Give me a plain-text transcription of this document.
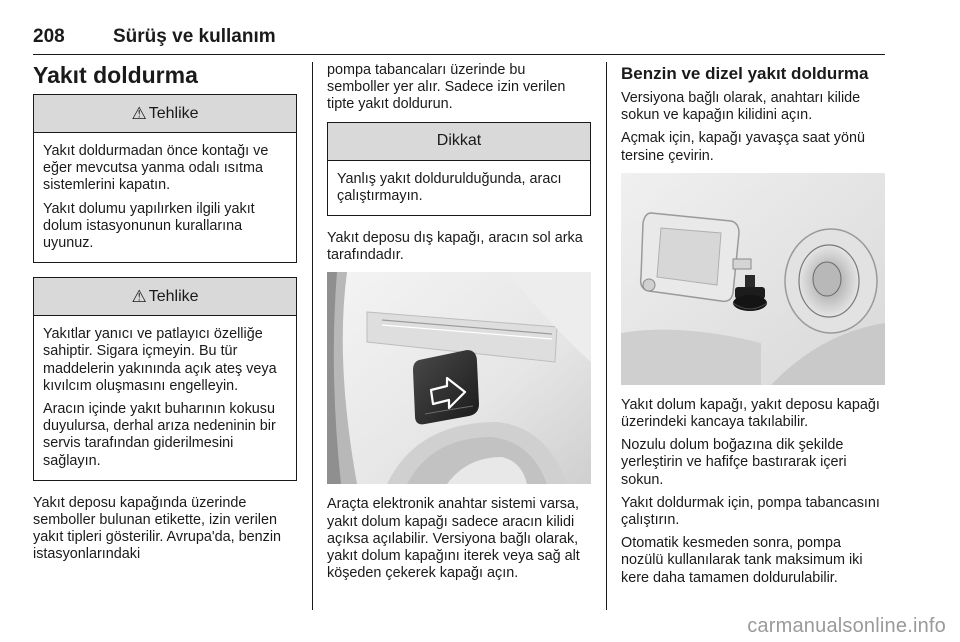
208	Sürüş ve kullanım
Yakıt doldurma
⚠ Tehlike

Yakıt doldurmadan önce kontağı ve eğer mevcutsa yanma odalı ısıtma sistemlerini kapatın.

Yakıt dolumu yapılırken ilgili yakıt dolum istasyonunun kurallarına uyunuz.

⚠ Tehlike

Yakıtlar yanıcı ve patlayıcı özelliğe sahiptir. Sigara içmeyin. Bu tür maddelerin yakınında açık ateş veya kıvılcım oluşmasını engelleyin.

Aracın içinde yakıt buharının kokusu duyulursa, derhal arıza nedeninin bir servis tarafından giderilmesini sağlayın.

Yakıt deposu kapağında üzerinde semboller bulunan etikette, izin verilen yakıt tipleri gösterilir. Avrupa'da, benzin istasyonlarındaki

pompa tabancaları üzerinde bu semboller yer alır. Sadece izin verilen tipte yakıt doldurun.

Dikkat

Yanlış yakıt doldurulduğunda, aracı çalıştırmayın.

Yakıt deposu dış kapağı, aracın sol arka tarafındadır.

Araçta elektronik anahtar sistemi varsa, yakıt dolum kapağı sadece aracın kilidi açıksa açılabilir. Versiyona bağlı olarak, yakıt dolum kapağını iterek veya sağ alt köşeden çekerek kapağı açın.

Benzin ve dizel yakıt doldurma

Versiyona bağlı olarak, anahtarı kilide sokun ve kapağın kilidini açın.

Açmak için, kapağı yavaşça saat yönü tersine çevirin.

Yakıt dolum kapağı, yakıt deposu kapağı üzerindeki kancaya takılabilir.

Nozulu dolum boğazına dik şekilde yerleştirin ve hafifçe bastırarak içeri sokun.

Yakıt doldurmak için, pompa tabancasını çalıştırın.

Otomatik kesmeden sonra, pompa nozülü kullanılarak tank maksimum iki kere daha tamamen doldurulabilir.

carmanualsonline.info
